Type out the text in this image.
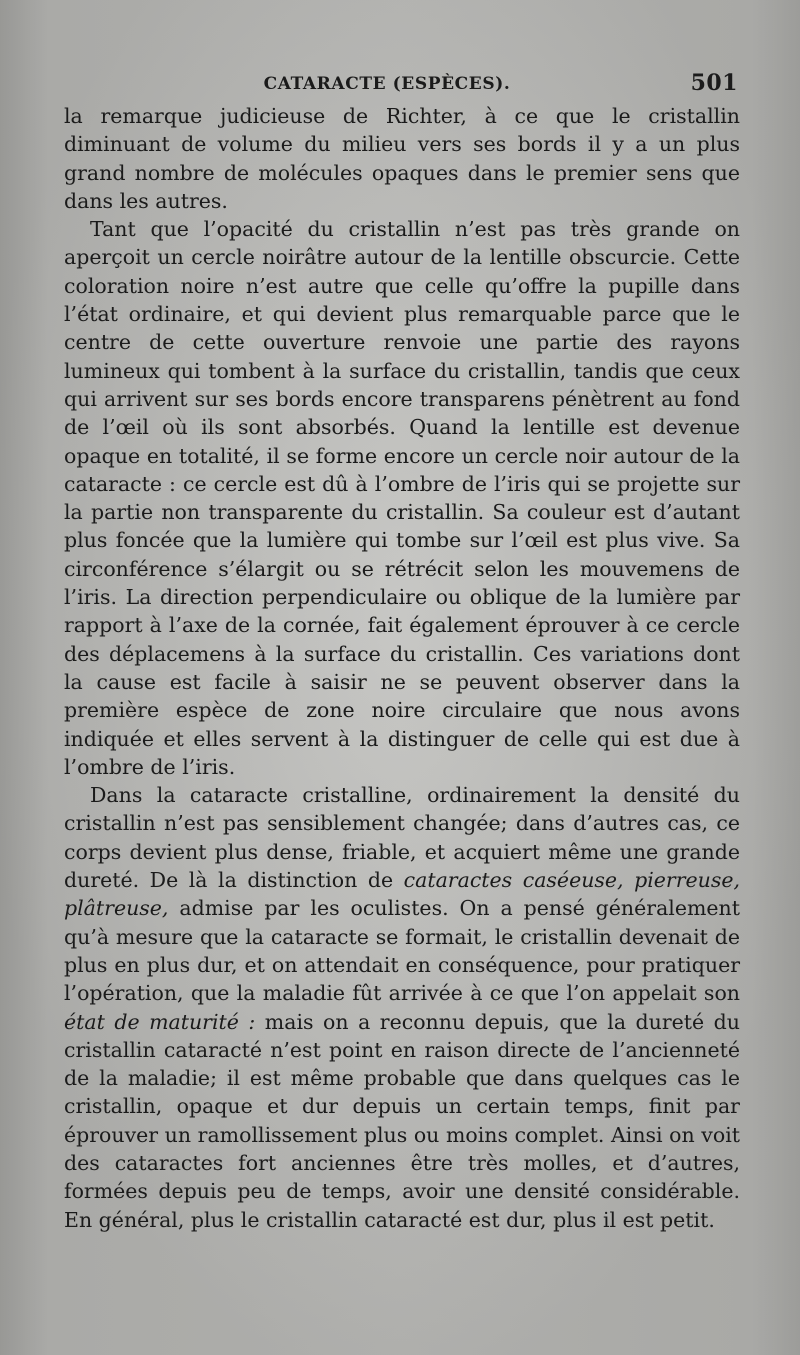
CATARACTE (ESPÈCES).	501

la remarque judicieuse de Richter, à ce que le cristallin diminuant de volume du milieu vers ses bords il y a un plus grand nombre de molécules opaques dans le premier sens que dans les autres.

Tant que l’opacité du cristallin n’est pas très grande on aperçoit un cercle noirâtre autour de la lentille obscurcie. Cette coloration noire n’est autre que celle qu’offre la pupille dans l’état ordinaire, et qui devient plus remarquable parce que le centre de cette ouverture renvoie une partie des rayons lumineux qui tombent à la surface du cristallin, tandis que ceux qui arrivent sur ses bords encore transparens pénètrent au fond de l’œil où ils sont absorbés. Quand la lentille est devenue opaque en totalité, il se forme encore un cercle noir autour de la cataracte : ce cercle est dû à l’ombre de l’iris qui se projette sur la partie non transparente du cristallin. Sa couleur est d’autant plus foncée que la lumière qui tombe sur l’œil est plus vive. Sa circonférence s’élargit ou se rétrécit selon les mouvemens de l’iris. La direction perpendiculaire ou oblique de la lumière par rapport à l’axe de la cornée, fait également éprouver à ce cercle des déplacemens à la surface du cristallin. Ces variations dont la cause est facile à saisir ne se peuvent observer dans la première espèce de zone noire circulaire que nous avons indiquée et elles servent à la distinguer de celle qui est due à l’ombre de l’iris.

Dans la cataracte cristalline, ordinairement la densité du cristallin n’est pas sensiblement changée; dans d’autres cas, ce corps devient plus dense, friable, et acquiert même une grande dureté. De là la distinction de cataractes caséeuse, pierreuse, plâtreuse, admise par les oculistes. On a pensé généralement qu’à mesure que la cataracte se formait, le cristallin devenait de plus en plus dur, et on attendait en conséquence, pour pratiquer l’opération, que la maladie fût arrivée à ce que l’on appelait son état de maturité : mais on a reconnu depuis, que la dureté du cristallin cataracté n’est point en raison directe de l’ancienneté de la maladie; il est même probable que dans quelques cas le cristallin, opaque et dur depuis un certain temps, finit par éprouver un ramollissement plus ou moins complet. Ainsi on voit des cataractes fort anciennes être très molles, et d’autres, formées depuis peu de temps, avoir une densité considérable. En général, plus le cristallin cataracté est dur, plus il est petit.
